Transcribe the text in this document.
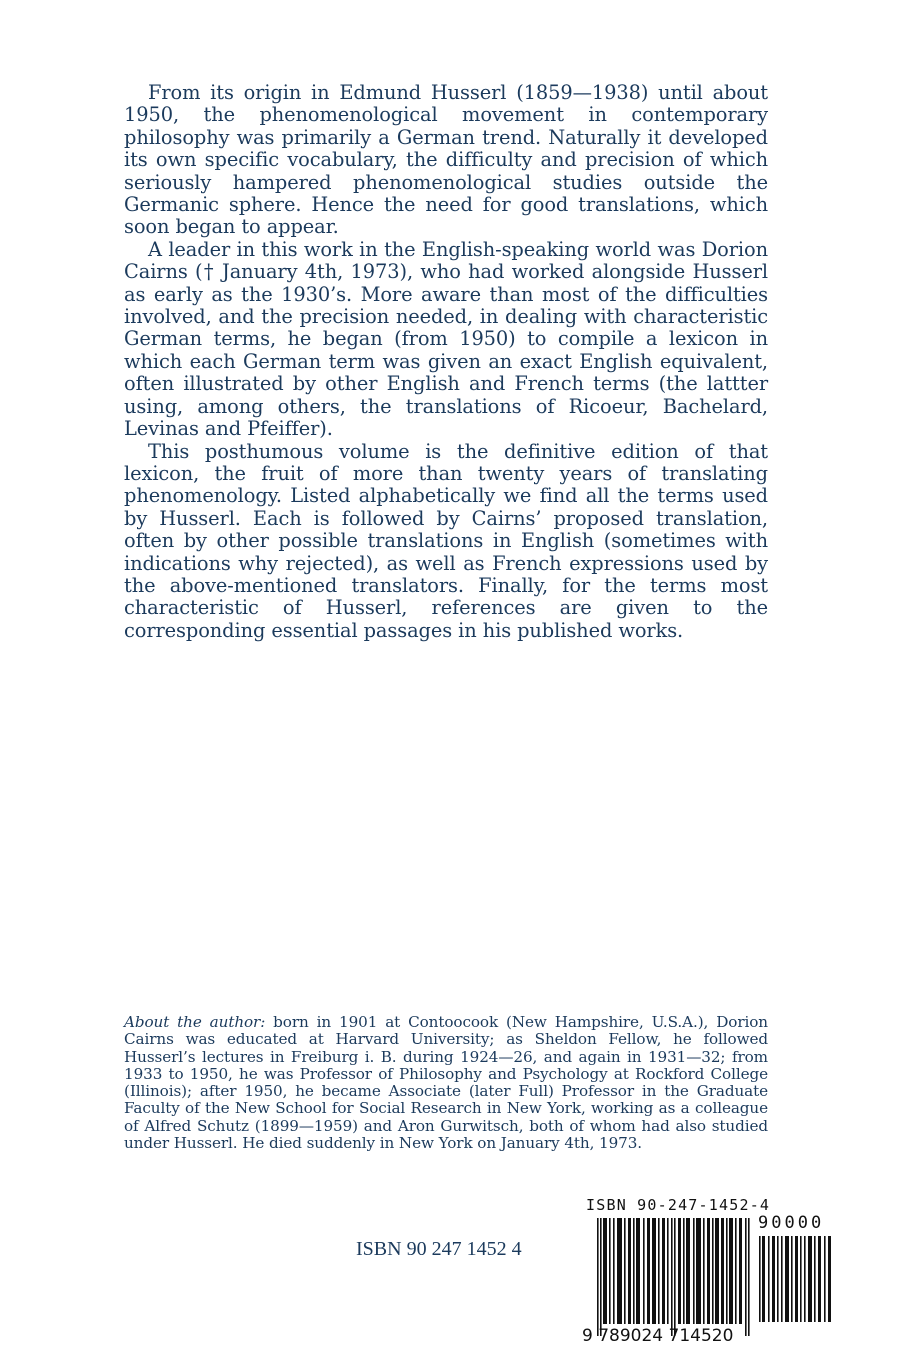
From its origin in Edmund Husserl (1859—1938) until about 1950, the phenomenological movement in contemporary philosophy was primarily a German trend. Naturally it developed its own specific vocabulary, the difficulty and precision of which seriously hampered phenomenological studies outside the Germanic sphere. Hence the need for good translations, which soon began to appear.

A leader in this work in the English-speaking world was Dorion Cairns († January 4th, 1973), who had worked alongside Husserl as early as the 1930’s. More aware than most of the difficulties involved, and the precision needed, in dealing with characteristic German terms, he began (from 1950) to compile a lexicon in which each German term was given an exact English equivalent, often illustrated by other English and French terms (the lattter using, among others, the translations of Ricoeur, Bachelard, Levinas and Pfeiffer).

This posthumous volume is the definitive edition of that lexicon, the fruit of more than twenty years of translating phenomenology. Listed alphabetically we find all the terms used by Husserl. Each is followed by Cairns’ proposed translation, often by other possible translations in English (sometimes with indications why rejected), as well as French expressions used by the above-mentioned translators. Finally, for the terms most characteristic of Husserl, references are given to the corresponding essential passages in his published works.

About the author: born in 1901 at Contoocook (New Hampshire, U.S.A.), Dorion Cairns was educated at Harvard University; as Sheldon Fellow, he followed Husserl’s lectures in Freiburg i. B. during 1924—26, and again in 1931—32; from 1933 to 1950, he was Professor of Philosophy and Psychology at Rockford College (Illinois); after 1950, he became Associate (later Full) Professor in the Graduate Faculty of the New School for Social Research in New York, working as a colleague of Alfred Schutz (1899—1959) and Aron Gurwitsch, both of whom had also studied under Husserl. He died suddenly in New York on January 4th, 1973.

ISBN 90 247 1452 4
ISBN 90-247-1452-4
90000
9 789024 714520
